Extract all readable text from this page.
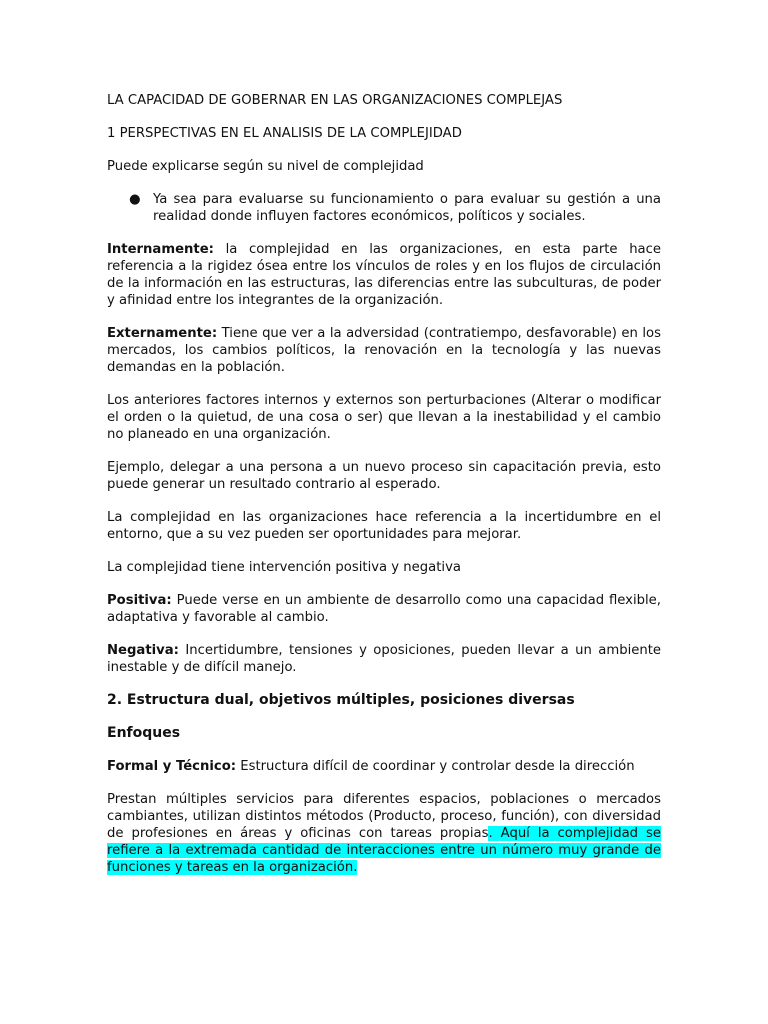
LA CAPACIDAD DE GOBERNAR EN LAS ORGANIZACIONES COMPLEJAS

1 PERSPECTIVAS EN EL ANALISIS DE LA COMPLEJIDAD

Puede explicarse según su nivel de complejidad

● Ya sea para evaluarse su funcionamiento o para evaluar su gestión a una realidad donde influyen factores económicos, políticos y sociales.

Internamente: la complejidad en las organizaciones, en esta parte hace referencia a la rigidez ósea entre los vínculos de roles y en los flujos de circulación de la información en las estructuras, las diferencias entre las subculturas, de poder y afinidad entre los integrantes de la organización.

Externamente: Tiene que ver a la adversidad (contratiempo, desfavorable) en los mercados, los cambios políticos, la renovación en la tecnología y las nuevas demandas en la población.

Los anteriores factores internos y externos son perturbaciones (Alterar o modificar el orden o la quietud, de una cosa o ser) que llevan a la inestabilidad y el cambio no planeado en una organización.

Ejemplo, delegar a una persona a un nuevo proceso sin capacitación previa, esto puede generar un resultado contrario al esperado.

La complejidad en las organizaciones hace referencia a la incertidumbre en el entorno, que a su vez pueden ser oportunidades para mejorar.

La complejidad tiene intervención positiva y negativa

Positiva: Puede verse en un ambiente de desarrollo como una capacidad flexible, adaptativa y favorable al cambio.

Negativa: Incertidumbre, tensiones y oposiciones, pueden llevar a un ambiente inestable y de difícil manejo.

2. Estructura dual, objetivos múltiples, posiciones diversas

Enfoques

Formal y Técnico: Estructura difícil de coordinar y controlar desde la dirección

Prestan múltiples servicios para diferentes espacios, poblaciones o mercados cambiantes, utilizan distintos métodos (Producto, proceso, función), con diversidad de profesiones en áreas y oficinas con tareas propias. Aquí la complejidad se refiere a la extremada cantidad de interacciones entre un número muy grande de funciones y tareas en la organización.
